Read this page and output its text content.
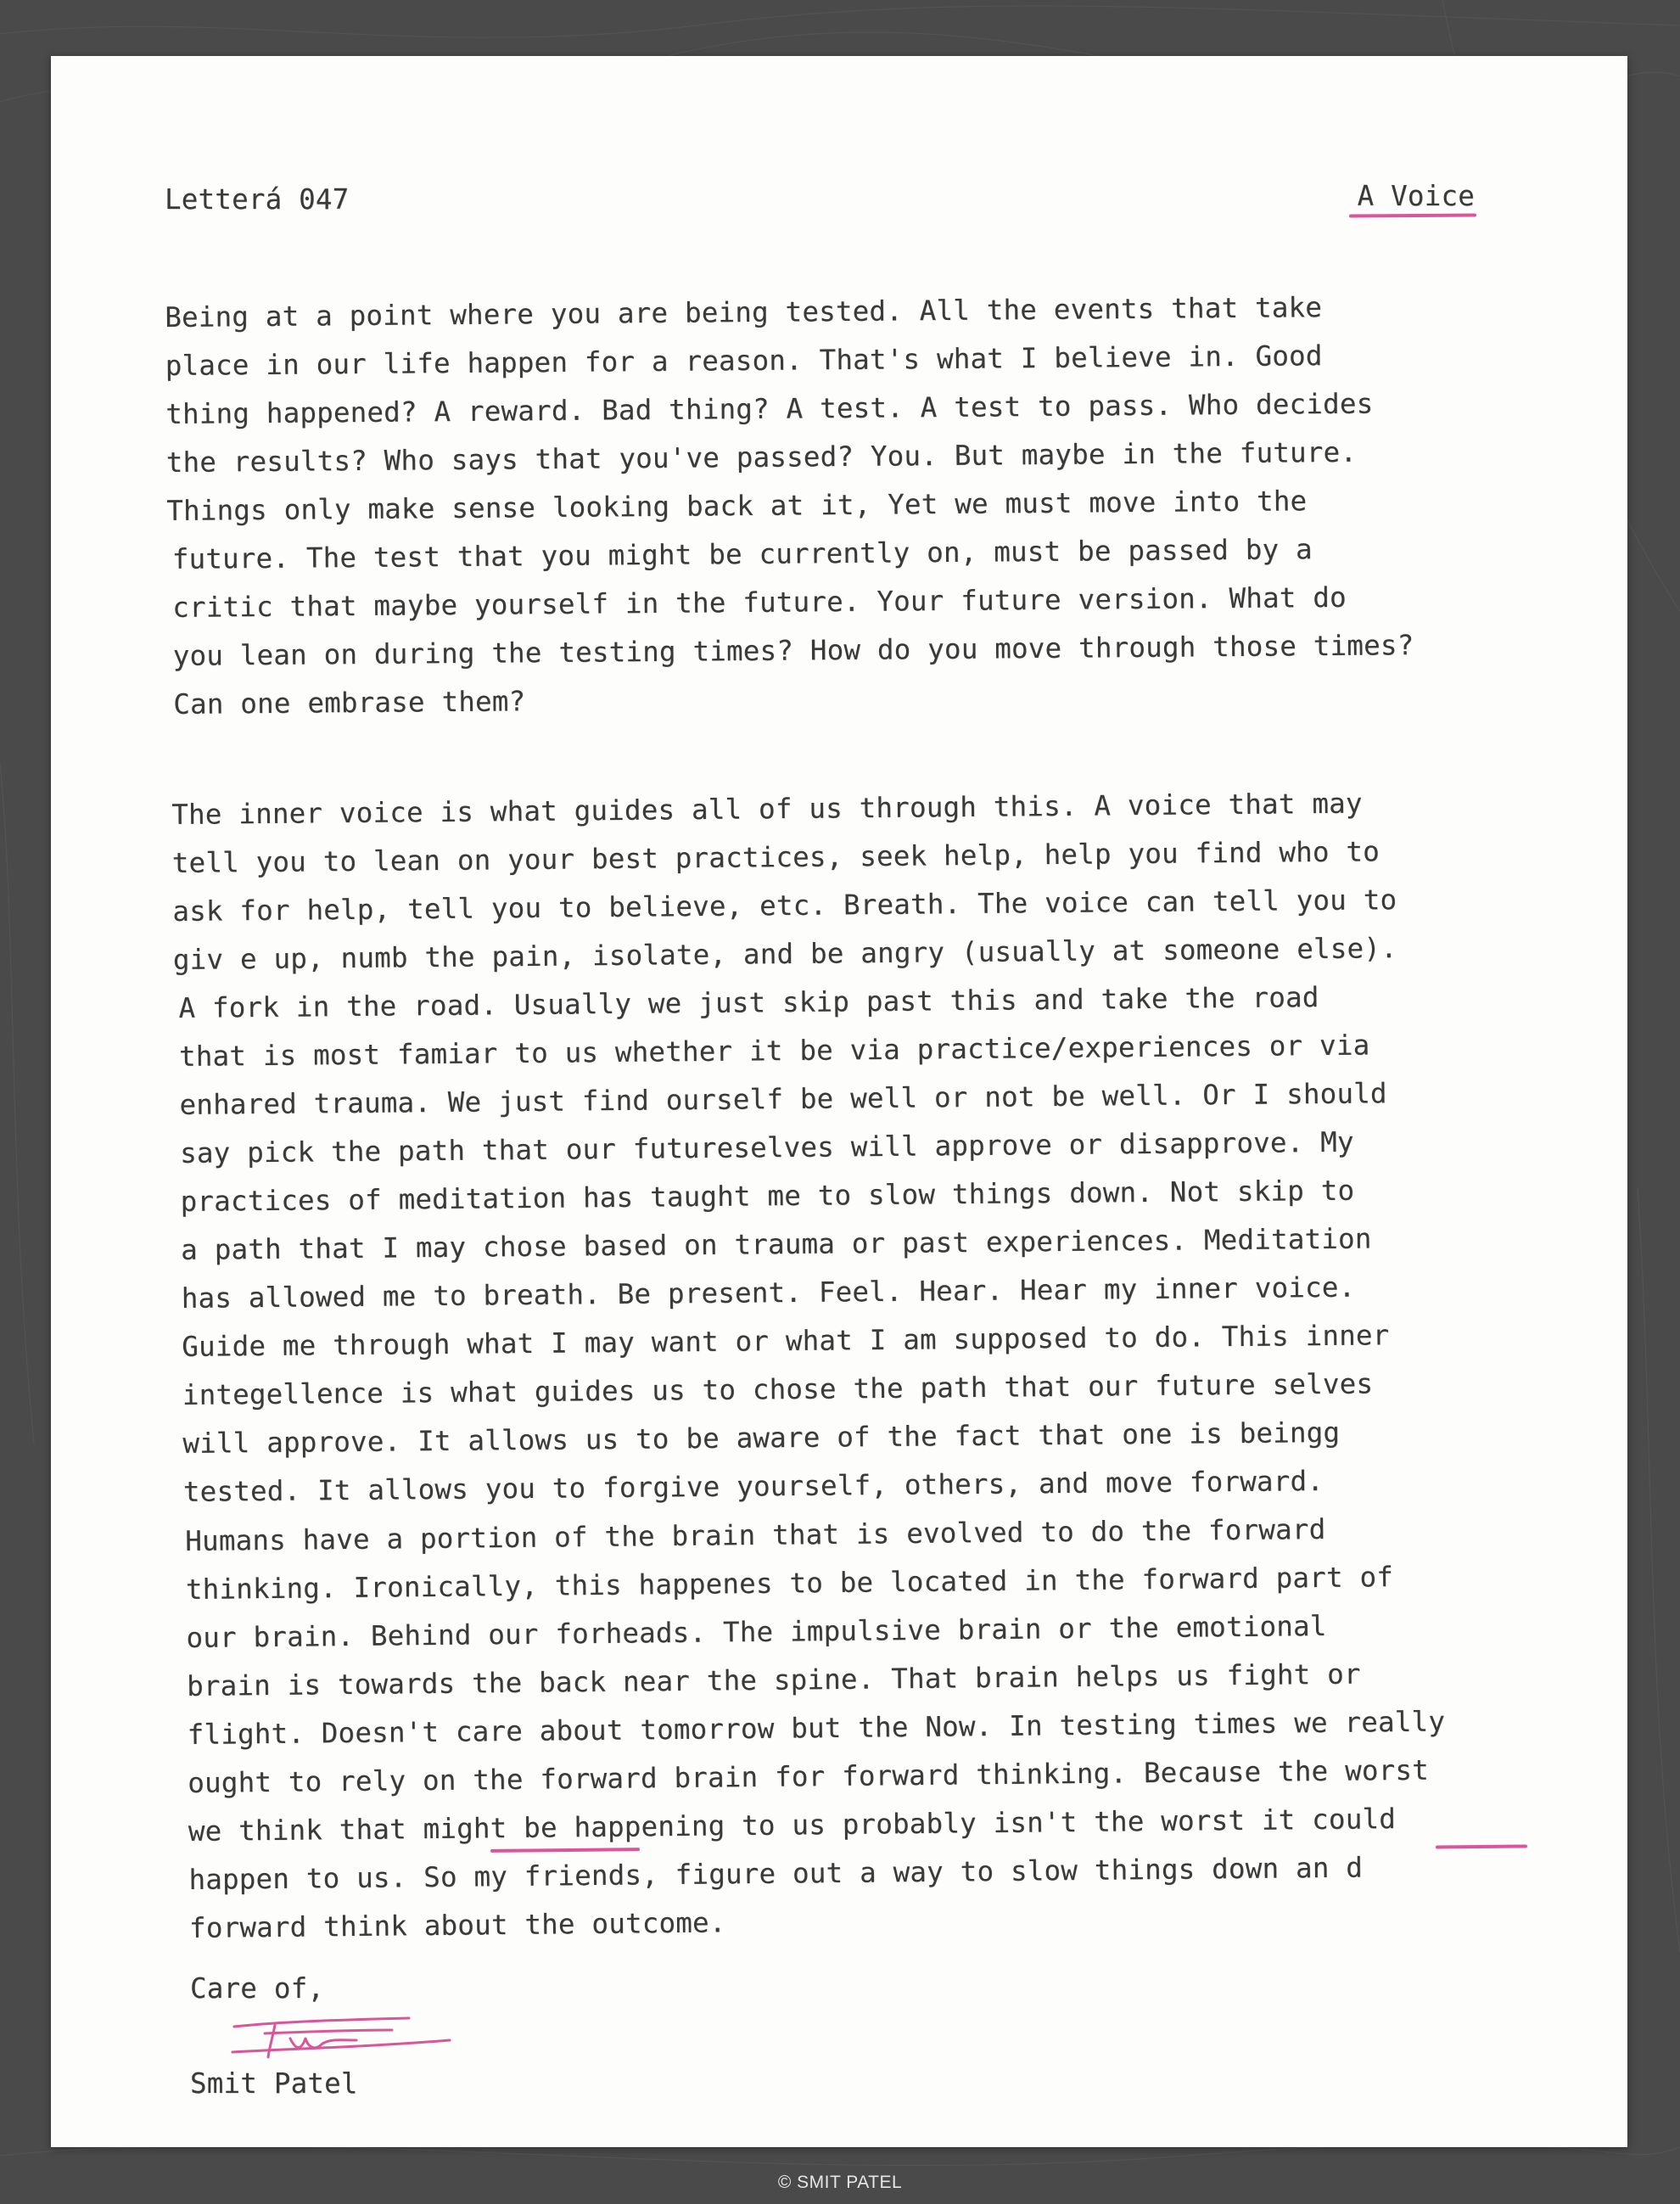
Letterá 047	A Voice
Being at a point where you are being tested. All the events that take
place in our life happen for a reason. That's what I believe in. Good
thing happened? A reward. Bad thing? A test. A test to pass. Who decides
the results? Who says that you've passed? You. But maybe in the future.
Things only make sense looking back at it, Yet we must move into the
future. The test that you might be currently on, must be passed by a
critic that maybe yourself in the future. Your future version. What do
you lean on during the testing times? How do you move through those times?
Can one embrase them?
The inner voice is what guides all of us through this. A voice that may
tell you to lean on your best practices, seek help, help you find who to
ask for help, tell you to believe, etc. Breath. The voice can tell you to
giv e up, numb the pain, isolate, and be angry (usually at someone else).
A fork in the road. Usually we just skip past this and take the road
that is most famiar to us whether it be via practice/experiences or via
enhared trauma. We just find ourself be well or not be well. Or I should
say pick the path that our futureselves will approve or disapprove. My
practices of meditation has taught me to slow things down. Not skip to
a path that I may chose based on trauma or past experiences. Meditation
has allowed me to breath. Be present. Feel. Hear. Hear my inner voice.
Guide me through what I may want or what I am supposed to do. This inner
integellence is what guides us to chose the path that our future selves
will approve. It allows us to be aware of the fact that one is beingg
tested. It allows you to forgive yourself, others, and move forward.
Humans have a portion of the brain that is evolved to do the forward
thinking. Ironically, this happenes to be located in the forward part of
our brain. Behind our forheads. The impulsive brain or the emotional
brain is towards the back near the spine. That brain helps us fight or
flight. Doesn't care about tomorrow but the Now. In testing times we really
ought to rely on the forward brain for forward thinking. Because the worst
we think that might be happening to us probably isn't the worst it could
happen to us. So my friends, figure out a way to slow things down an d
forward think about the outcome.
Care of,
Smit Patel
© SMIT PATEL
